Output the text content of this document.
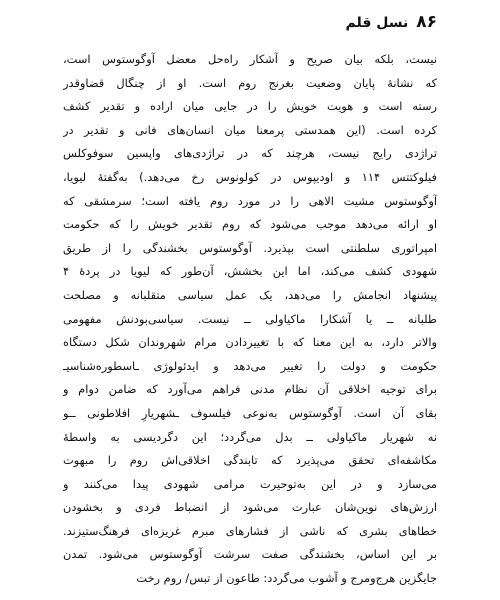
۸۶
نسل قلم
نیست، بلکه بیان صریح و آشکار راه‌حل معضل آوگوستوس است،
که نشانهٔ پایان وضعیت بغرنج روم است. او از چنگال قضاوقدر
رسته است و هویت خویش را در جایی میان اراده و تقدیر کشف
کرده است. (این همدستی پرمعنا میان انسان‌های فانی و تقدیر در
تراژدی رایج نیست، هرچند که در تراژدی‌های واپسین سوفوکلس
فیلوکتتس ۱۱۴ و اودیپوس در کولونوس رخ می‌دهد.) به‌گفتهٔ لیویا،
آوگوستوس مشیت الاهی را در مورد روم یافته است؛ سرمشقی که
او ارائه می‌دهد موجب می‌شود که روم تقدیر خویش را که حکومت
امپراتوری سلطنتی است بپذیرد. آوگوستوس بخشندگی را از طریق
شهودی کشف می‌کند، اما این بخشش، آن‌طور که لیویا در پردهٔ ۴
پیشنهاد انجامش را می‌دهد، یک عمل سیاسی متقلبانه و مصلحت
طلبانه ــ یا آشکارا ماکیاولی ــ نیست. سیاسی‌بودنش مفهومی
والاتر دارد، به این معنا که با تغییردادن مرام شهروندان شکل دستگاه
حکومت و دولت را تغییر می‌دهد و ایدئولوژی ـاسطوره‌شناسیـ
برای توجیه اخلاقی آن نظام مدنی فراهم می‌آورد که ضامن دوام و
بقای آن است. آوگوستوس به‌نوعی فیلسوف ـشهریارِ افلاطونی ــو
نه شهریار ماکیاولی ــ بدل می‌گردد؛ این دگردیسی به واسطهٔ
مکاشفه‌ای تحقق می‌پذیرد که تابندگی اخلاقی‌اش روم را مبهوت
می‌سازد و در این به‌تو‌حیرت مرامی شهودی پیدا می‌کنند و
ارزش‌های نوین‌شان عبارت می‌شود از انضباط فردی و بخشودن
خطاهای بشری که ناشی از فشارهای مبرم غریزه‌ای فرهنگ‌ستیزند.
بر این اساس، بخشندگی صفت سرشت آوگوستوس می‌شود. تمدن
جایگزین هرج‌ومرج و آشوب می‌گردد: طاعون از تبس/ روم رخت
